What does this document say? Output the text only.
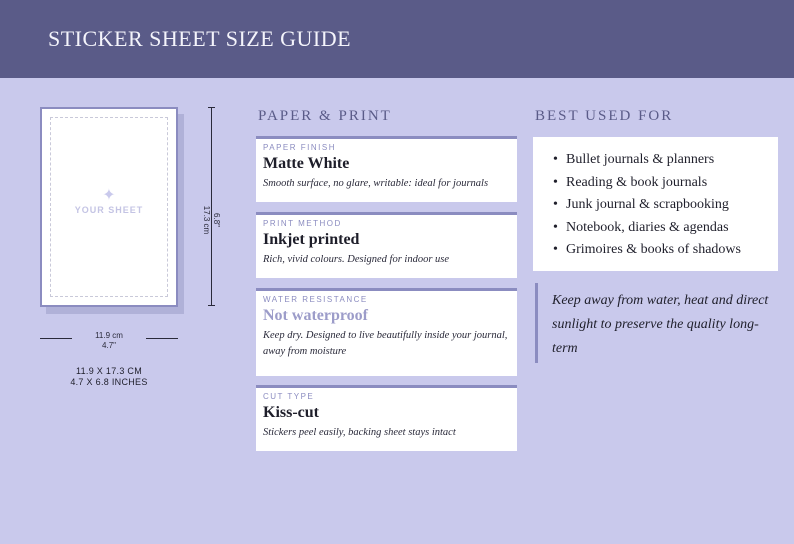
STICKER SHEET SIZE GUIDE
✦
YOUR SHEET
6.8"
17.3 cm
11.9 cm
4.7"
11.9 X 17.3 CM
4.7 X 6.8 INCHES
PAPER & PRINT
PAPER FINISH
Matte White
Smooth surface, no glare, writable: ideal for journals
PRINT METHOD
Inkjet printed
Rich, vivid colours. Designed for indoor use
WATER RESISTANCE
Not waterproof
Keep dry. Designed to live beautifully inside your journal, away from moisture
CUT TYPE
Kiss-cut
Stickers peel easily, backing sheet stays intact
BEST USED FOR
• Bullet journals & planners
• Reading & book journals
• Junk journal & scrapbooking
• Notebook, diaries & agendas
• Grimoires & books of shadows
Keep away from water, heat and direct sunlight to preserve the quality long-term
